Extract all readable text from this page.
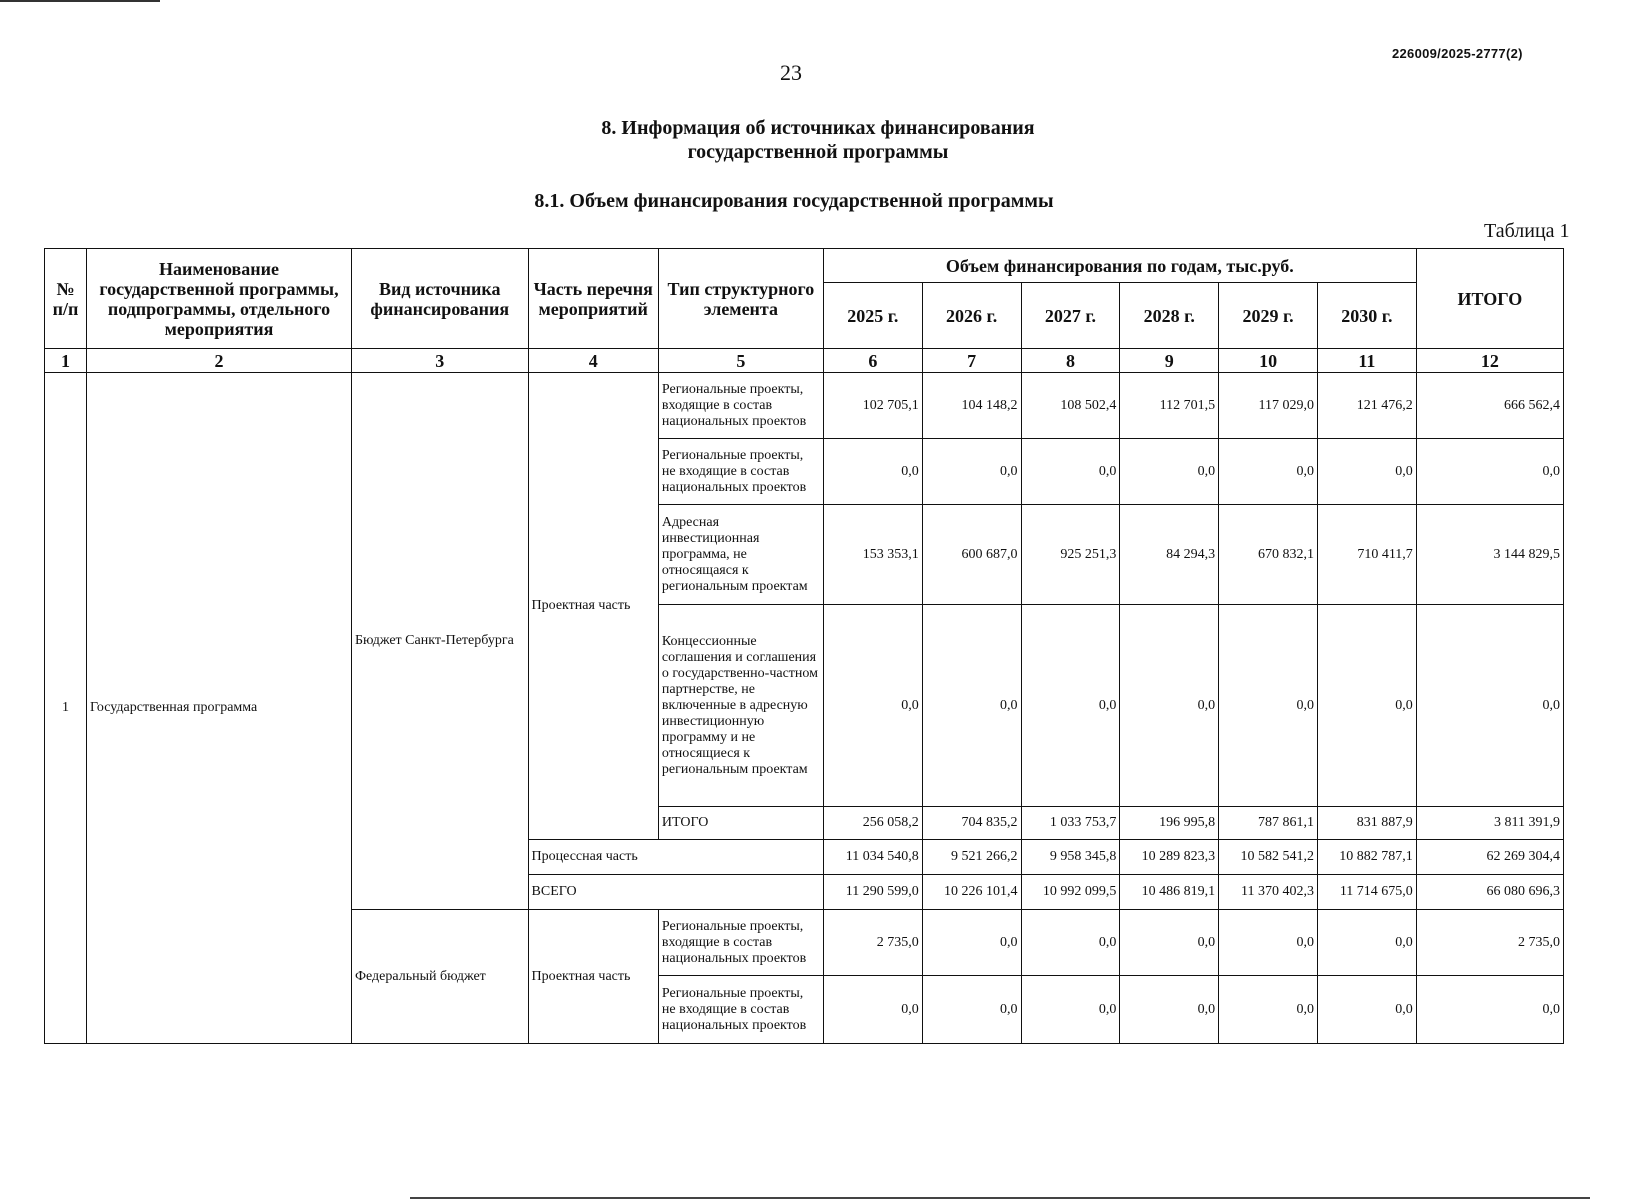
23
226009/2025-2777(2)
8. Информация об источниках финансирования
государственной программы
8.1. Объем финансирования государственной программы
Таблица 1
№ п/п	Наименование государственной программы, подпрограммы, отдельного мероприятия	Вид источника финансирования	Часть перечня мероприятий	Тип структурного элемента	Объем финансирования по годам, тыс.руб.						ИТОГО
					2025 г.	2026 г.	2027 г.	2028 г.	2029 г.	2030 г.	
1	2	3	4	5	6	7	8	9	10	11	12
1	Государственная программа	Бюджет Санкт-Петербурга	Проектная часть	Региональные проекты, входящие в состав национальных проектов	102 705,1	104 148,2	108 502,4	112 701,5	117 029,0	121 476,2	666 562,4
				Региональные проекты, не входящие в состав национальных проектов	0,0	0,0	0,0	0,0	0,0	0,0	0,0
				Адресная инвестиционная программа, не относящаяся к региональным проектам	153 353,1	600 687,0	925 251,3	84 294,3	670 832,1	710 411,7	3 144 829,5
				Концессионные соглашения и соглашения о государственно-частном партнерстве, не включенные в адресную инвестиционную программу и не относящиеся к региональным проектам	0,0	0,0	0,0	0,0	0,0	0,0	0,0
				ИТОГО	256 058,2	704 835,2	1 033 753,7	196 995,8	787 861,1	831 887,9	3 811 391,9
			Процессная часть		11 034 540,8	9 521 266,2	9 958 345,8	10 289 823,3	10 582 541,2	10 882 787,1	62 269 304,4
			ВСЕГО		11 290 599,0	10 226 101,4	10 992 099,5	10 486 819,1	11 370 402,3	11 714 675,0	66 080 696,3
		Федеральный бюджет	Проектная часть	Региональные проекты, входящие в состав национальных проектов	2 735,0	0,0	0,0	0,0	0,0	0,0	2 735,0
				Региональные проекты, не входящие в состав национальных проектов	0,0	0,0	0,0	0,0	0,0	0,0	0,0
